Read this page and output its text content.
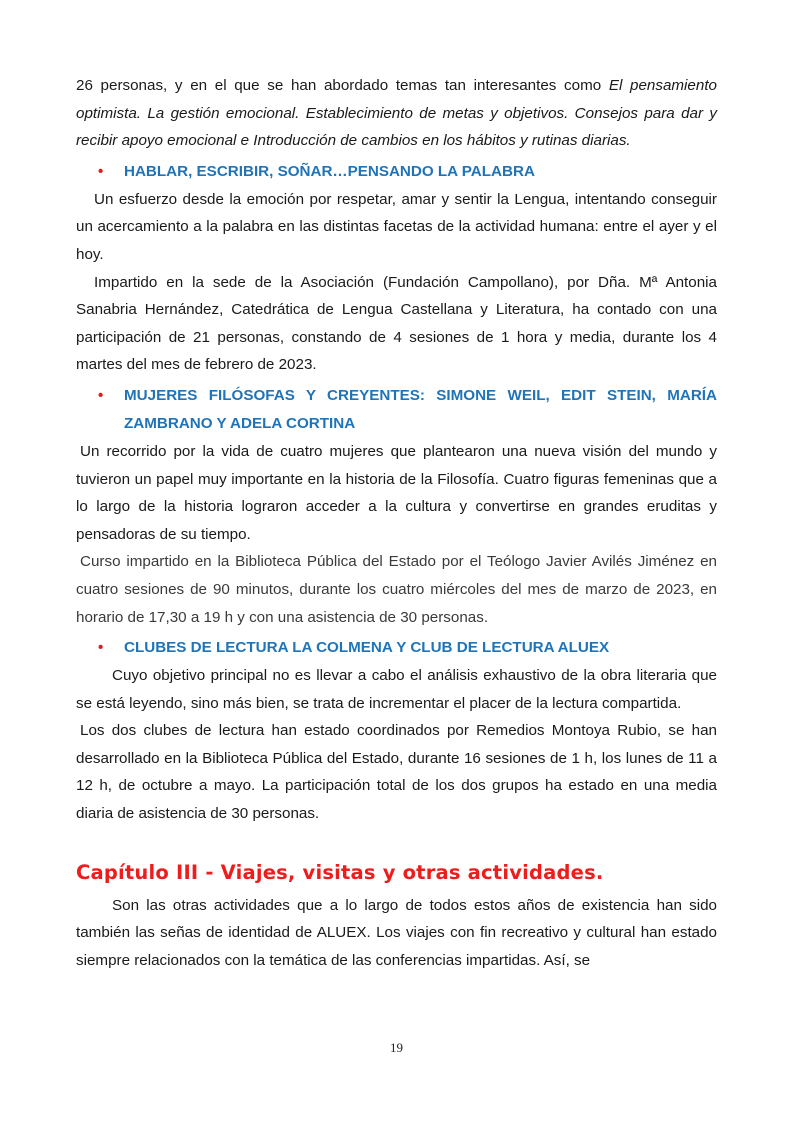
26 personas, y en el que se han abordado temas tan interesantes como El pensamiento optimista. La gestión emocional. Establecimiento de metas y objetivos. Consejos para dar y recibir apoyo emocional e Introducción de cambios en los hábitos y rutinas diarias.

• HABLAR, ESCRIBIR, SOÑAR…PENSANDO LA PALABRA

Un esfuerzo desde la emoción por respetar, amar y sentir la Lengua, intentando conseguir un acercamiento a la palabra en las distintas facetas de la actividad humana: entre el ayer y el hoy.

Impartido en la sede de la Asociación (Fundación Campollano), por Dña. Mª Antonia Sanabria Hernández, Catedrática de Lengua Castellana y Literatura, ha contado con una participación de 21 personas, constando de 4 sesiones de 1 hora y media, durante los 4 martes del mes de febrero de 2023.

• MUJERES FILÓSOFAS Y CREYENTES: SIMONE WEIL, EDIT STEIN, MARÍA ZAMBRANO Y ADELA CORTINA

Un recorrido por la vida de cuatro mujeres que plantearon una nueva visión del mundo y tuvieron un papel muy importante en la historia de la Filosofía. Cuatro figuras femeninas que a lo largo de la historia lograron acceder a la cultura y convertirse en grandes eruditas y pensadoras de su tiempo.

Curso impartido en la Biblioteca Pública del Estado por el Teólogo Javier Avilés Jiménez en cuatro sesiones de 90 minutos, durante los cuatro miércoles del mes de marzo de 2023, en horario de 17,30 a 19 h y con una asistencia de 30 personas.

• CLUBES DE LECTURA LA COLMENA Y CLUB DE LECTURA ALUEX

Cuyo objetivo principal no es llevar a cabo el análisis exhaustivo de la obra literaria que se está leyendo, sino más bien, se trata de incrementar el placer de la lectura compartida.

Los dos clubes de lectura han estado coordinados por Remedios Montoya Rubio, se han desarrollado en la Biblioteca Pública del Estado, durante 16 sesiones de 1 h, los lunes de 11 a 12 h, de octubre a mayo. La participación total de los dos grupos ha estado en una media diaria de asistencia de 30 personas.

Capítulo III - Viajes, visitas y otras actividades.

Son las otras actividades que a lo largo de todos estos años de existencia han sido también las señas de identidad de ALUEX. Los viajes con fin recreativo y cultural han estado siempre relacionados con la temática de las conferencias impartidas. Así, se

19
